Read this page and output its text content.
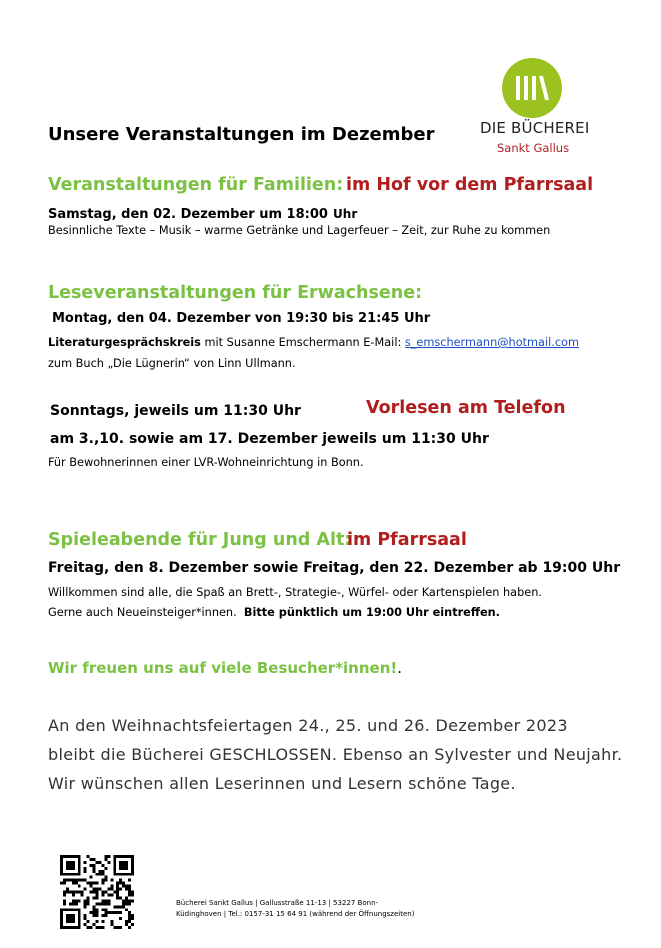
Unsere Veranstaltungen im Dezember	DIE BÜCHEREI
Sankt Gallus
Veranstaltungen für Familien: im Hof vor dem Pfarrsaal
Samstag, den 02. Dezember um 18:00 Uhr
Besinnliche Texte – Musik – warme Getränke und Lagerfeuer – Zeit, zur Ruhe zu kommen
Leseveranstaltungen für Erwachsene:
Montag, den 04. Dezember von 19:30 bis 21:45 Uhr
Literaturgesprächskreis mit Susanne Emschermann E-Mail: s_emschermann@hotmail.com
zum Buch „Die Lügnerin“ von Linn Ullmann.
Sonntags, jeweils um 11:30 Uhr	Vorlesen am Telefon
am 3.,10. sowie am 17. Dezember jeweils um 11:30 Uhr
Für Bewohnerinnen einer LVR-Wohneinrichtung in Bonn.
Spieleabende für Jung und Alt:
im Pfarrsaal
Freitag, den 8. Dezember sowie Freitag, den 22. Dezember ab 19:00 Uhr
Willkommen sind alle, die Spaß an Brett-, Strategie-, Würfel- oder Kartenspielen haben.
Gerne auch Neueinsteiger*innen. Bitte pünktlich um 19:00 Uhr eintreffen.
Wir freuen uns auf viele Besucher*innen!.
An den Weihnachtsfeiertagen 24., 25. und 26. Dezember 2023
bleibt die Bücherei GESCHLOSSEN. Ebenso an Sylvester und Neujahr.
Wir wünschen allen Leserinnen und Lesern schöne Tage.
Bücherei Sankt Gallus | Gallusstraße 11-13 | 53227 Bonn-
Küdinghoven | Tel.: 0157-31 15 64 91 (während der Öffnungszeiten)
